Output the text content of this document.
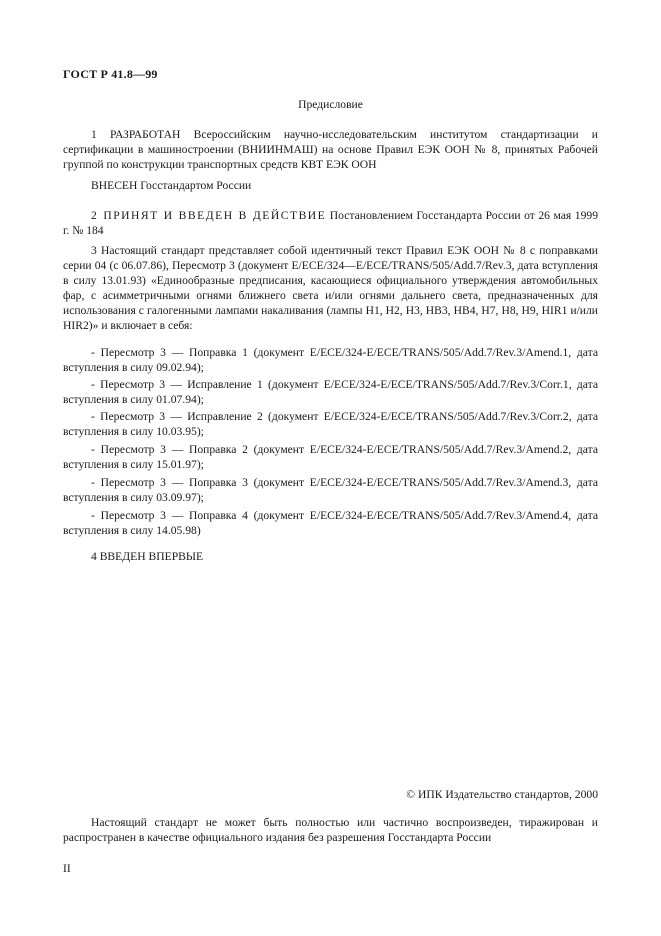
ГОСТ Р 41.8—99
Предисловие
1 РАЗРАБОТАН Всероссийским научно-исследовательским институтом стандартизации и сертификации в машиностроении (ВНИИНМАШ) на основе Правил ЕЭК ООН № 8, принятых Рабочей группой по конструкции транспортных средств КВТ ЕЭК ООН
ВНЕСЕН Госстандартом России
2 ПРИНЯТ И ВВЕДЕН В ДЕЙСТВИЕ Постановлением Госстандарта России от 26 мая 1999 г. № 184
3 Настоящий стандарт представляет собой идентичный текст Правил ЕЭК ООН № 8 с поправками серии 04 (с 06.07.86), Пересмотр 3 (документ E/ECE/324—E/ECE/TRANS/505/Add.7/Rev.3, дата вступления в силу 13.01.93) «Единообразные предписания, касающиеся официального утверждения автомобильных фар, с асимметричными огнями ближнего света и/или огнями дальнего света, предназначенных для использования с галогенными лампами накаливания (лампы H1, H2, H3, HB3, HB4, H7, H8, H9, HIR1 и/или HIR2)» и включает в себя:
- Пересмотр 3 — Поправка 1 (документ E/ECE/324-E/ECE/TRANS/505/Add.7/Rev.3/Amend.1, дата вступления в силу 09.02.94);
- Пересмотр 3 — Исправление 1 (документ E/ECE/324-E/ECE/TRANS/505/Add.7/Rev.3/Corr.1, дата вступления в силу 01.07.94);
- Пересмотр 3 — Исправление 2 (документ E/ECE/324-E/ECE/TRANS/505/Add.7/Rev.3/Corr.2, дата вступления в силу 10.03.95);
- Пересмотр 3 — Поправка 2 (документ E/ECE/324-E/ECE/TRANS/505/Add.7/Rev.3/Amend.2, дата вступления в силу 15.01.97);
- Пересмотр 3 — Поправка 3 (документ E/ECE/324-E/ECE/TRANS/505/Add.7/Rev.3/Amend.3, дата вступления в силу 03.09.97);
- Пересмотр 3 — Поправка 4 (документ E/ECE/324-E/ECE/TRANS/505/Add.7/Rev.3/Amend.4, дата вступления в силу 14.05.98)
4 ВВЕДЕН ВПЕРВЫЕ
© ИПК Издательство стандартов, 2000
Настоящий стандарт не может быть полностью или частично воспроизведен, тиражирован и распространен в качестве официального издания без разрешения Госстандарта России
II
